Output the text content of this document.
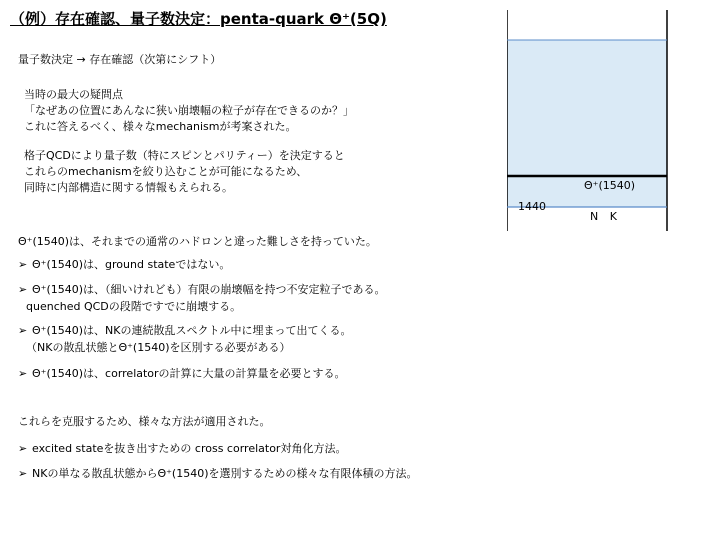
（例）存在確認、量子数決定：penta-quark Θ⁺(5Q)
量子数決定 → 存在確認（次第にシフト）
当時の最大の疑問点
「なぜあの位置にあんなに狭い崩壊幅の粒子が存在できるのか？」
これに答えるべく、様々なmechanismが考案された。
格子QCDにより量子数（特にスピンとパリティー）を決定すると
これらのmechanismを絞り込むことが可能になるため、
同時に内部構造に関する情報もえられる。
Θ⁺(1540)は、それまでの通常のハドロンと違った難しさを持っていた。
➢ Θ⁺(1540)は、ground stateではない。
➢ Θ⁺(1540)は、（細いけれども）有限の崩壊幅を持つ不安定粒子である。
quenched QCDの段階ですでに崩壊する。
➢ Θ⁺(1540)は、NKの連続散乱スペクトル中に埋まって出てくる。
（NKの散乱状態とΘ⁺(1540)を区別する必要がある）
➢ Θ⁺(1540)は、correlatorの計算に大量の計算量を必要とする。
これらを克服するため、様々な方法が適用された。
➢ excited stateを抜き出すための cross correlator対角化方法。
➢ NKの単なる散乱状態からΘ⁺(1540)を選別するための様々な有限体積の方法。
Θ⁺(1540)
1440
N K
